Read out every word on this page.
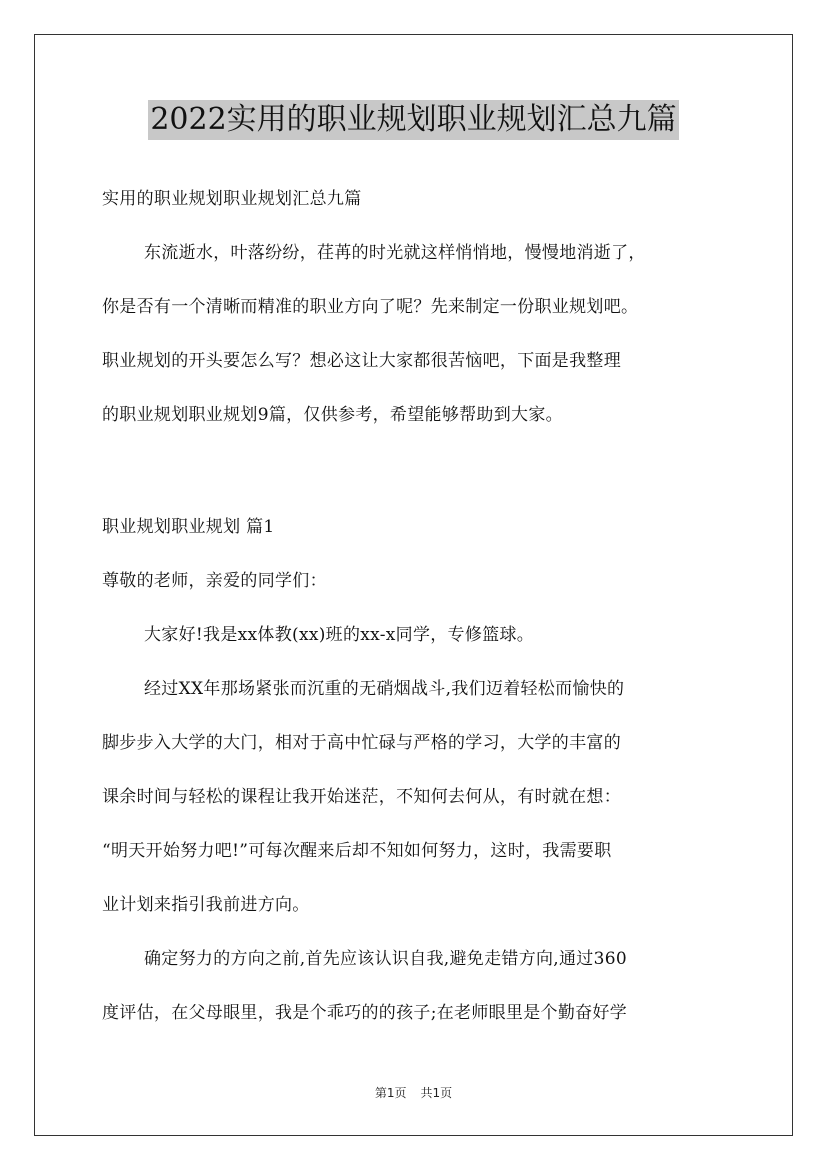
2022实用的职业规划职业规划汇总九篇
实用的职业规划职业规划汇总九篇
东流逝水，叶落纷纷，荏苒的时光就这样悄悄地，慢慢地消逝了，
你是否有一个清晰而精准的职业方向了呢？先来制定一份职业规划吧。
职业规划的开头要怎么写？想必这让大家都很苦恼吧，下面是我整理
的职业规划职业规划9篇，仅供参考，希望能够帮助到大家。
职业规划职业规划 篇1
尊敬的老师，亲爱的同学们：
大家好!我是xx体教(xx)班的xx-x同学，专修篮球。
经过XX年那场紧张而沉重的无硝烟战斗,我们迈着轻松而愉快的
脚步步入大学的大门，相对于高中忙碌与严格的学习，大学的丰富的
课余时间与轻松的课程让我开始迷茫，不知何去何从，有时就在想：
“明天开始努力吧!”可每次醒来后却不知如何努力，这时，我需要职
业计划来指引我前进方向。
确定努力的方向之前,首先应该认识自我,避免走错方向,通过360
度评估，在父母眼里，我是个乖巧的的孩子;在老师眼里是个勤奋好学
第1页 共1页
